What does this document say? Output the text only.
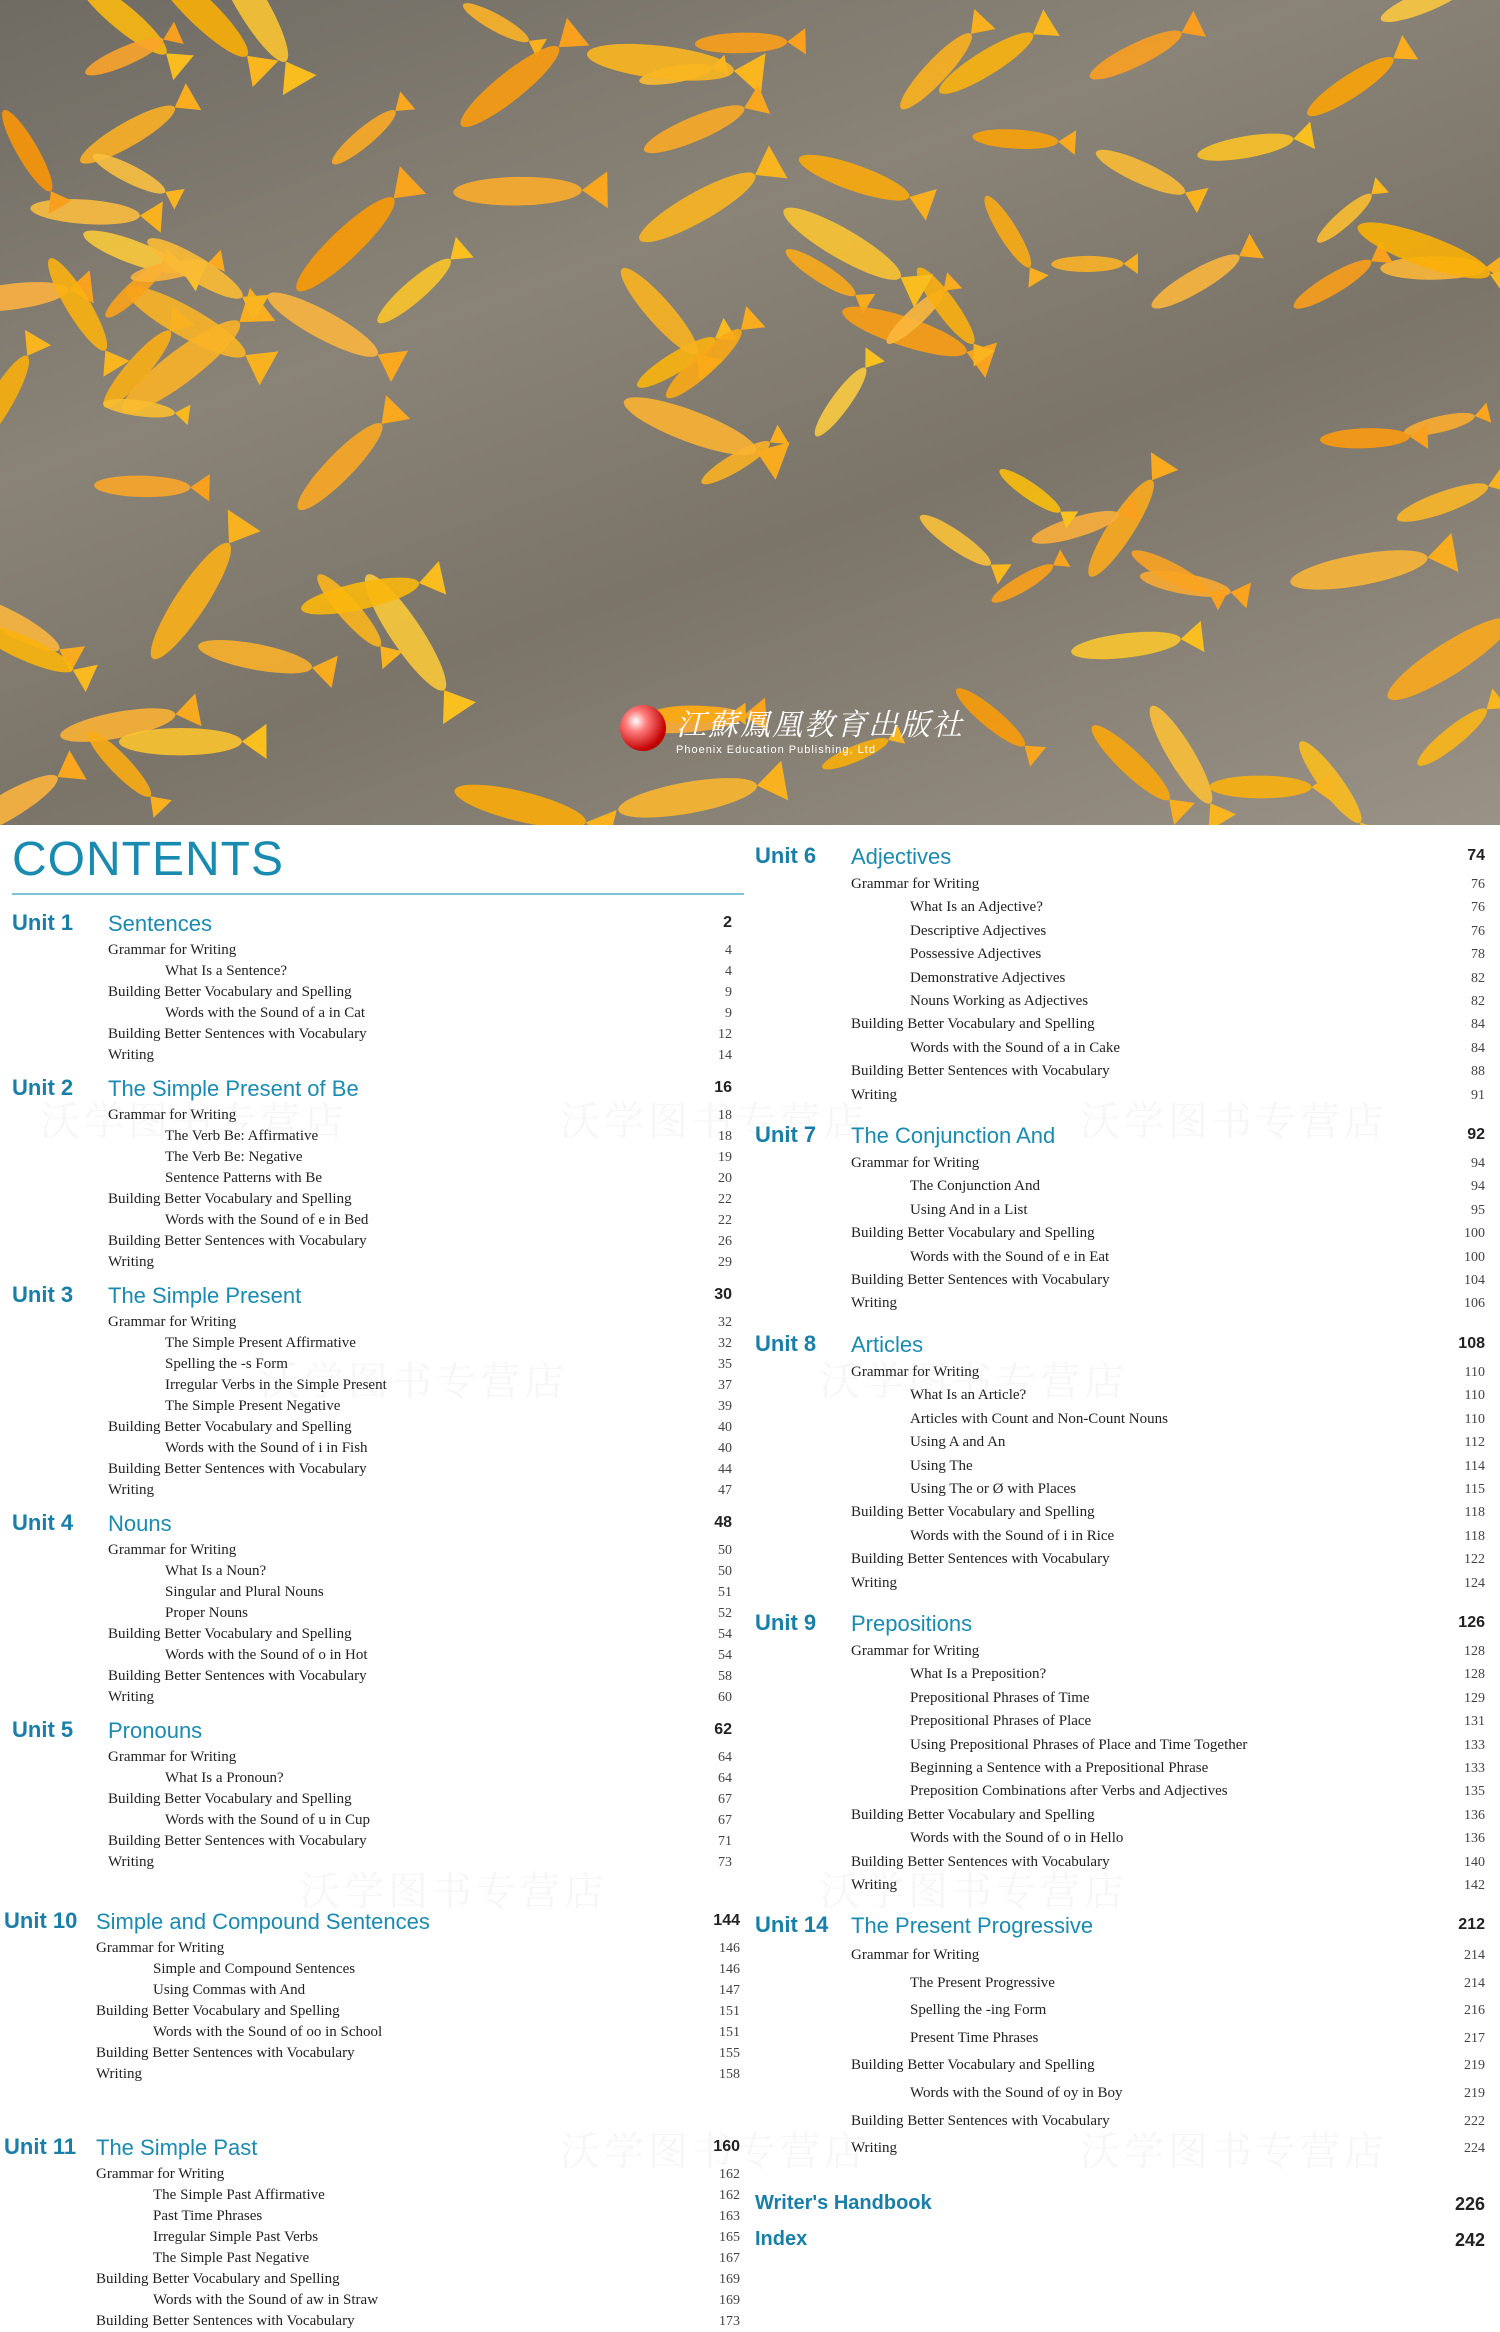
江蘇鳳凰教育出版社
Phoenix Education Publishing, Ltd
CONTENTS
Unit 1 Sentences	2
Grammar for Writing	4
What Is a Sentence?	4
Building Better Vocabulary and Spelling	9
Words with the Sound of a in Cat	9
Building Better Sentences with Vocabulary	12
Writing	14
Unit 2 The Simple Present of Be	16
Grammar for Writing	18
The Verb Be: Affirmative	18
The Verb Be: Negative	19
Sentence Patterns with Be	20
Building Better Vocabulary and Spelling	22
Words with the Sound of e in Bed	22
Building Better Sentences with Vocabulary	26
Writing	29
Unit 3 The Simple Present	30
Grammar for Writing	32
The Simple Present Affirmative	32
Spelling the -s Form	35
Irregular Verbs in the Simple Present	37
The Simple Present Negative	39
Building Better Vocabulary and Spelling	40
Words with the Sound of i in Fish	40
Building Better Sentences with Vocabulary	44
Writing	47
Unit 4 Nouns	48
Grammar for Writing	50
What Is a Noun?	50
Singular and Plural Nouns	51
Proper Nouns	52
Building Better Vocabulary and Spelling	54
Words with the Sound of o in Hot	54
Building Better Sentences with Vocabulary	58
Writing	60
Unit 5 Pronouns	62
Grammar for Writing	64
What Is a Pronoun?	64
Building Better Vocabulary and Spelling	67
Words with the Sound of u in Cup	67
Building Better Sentences with Vocabulary	71
Writing	73
Unit 10 Simple and Compound Sentences	144
Grammar for Writing	146
Simple and Compound Sentences	146
Using Commas with And	147
Building Better Vocabulary and Spelling	151
Words with the Sound of oo in School	151
Building Better Sentences with Vocabulary	155
Writing	158
Unit 11 The Simple Past	160
Grammar for Writing	162
The Simple Past Affirmative	162
Past Time Phrases	163
Irregular Simple Past Verbs	165
The Simple Past Negative	167
Building Better Vocabulary and Spelling	169
Words with the Sound of aw in Straw	169
Building Better Sentences with Vocabulary	173
Unit 6 Adjectives	74
Grammar for Writing	76
What Is an Adjective?	76
Descriptive Adjectives	76
Possessive Adjectives	78
Demonstrative Adjectives	82
Nouns Working as Adjectives	82
Building Better Vocabulary and Spelling	84
Words with the Sound of a in Cake	84
Building Better Sentences with Vocabulary	88
Writing	91
Unit 7 The Conjunction And	92
Grammar for Writing	94
The Conjunction And	94
Using And in a List	95
Building Better Vocabulary and Spelling	100
Words with the Sound of e in Eat	100
Building Better Sentences with Vocabulary	104
Writing	106
Unit 8 Articles	108
Grammar for Writing	110
What Is an Article?	110
Articles with Count and Non-Count Nouns	110
Using A and An	112
Using The	114
Using The or Ø with Places	115
Building Better Vocabulary and Spelling	118
Words with the Sound of i in Rice	118
Building Better Sentences with Vocabulary	122
Writing	124
Unit 9 Prepositions	126
Grammar for Writing	128
What Is a Preposition?	128
Prepositional Phrases of Time	129
Prepositional Phrases of Place	131
Using Prepositional Phrases of Place and Time Together	133
Beginning a Sentence with a Prepositional Phrase	133
Preposition Combinations after Verbs and Adjectives	135
Building Better Vocabulary and Spelling	136
Words with the Sound of o in Hello	136
Building Better Sentences with Vocabulary	140
Writing	142
Unit 14 The Present Progressive	212
Grammar for Writing	214
The Present Progressive	214
Spelling the -ing Form	216
Present Time Phrases	217
Building Better Vocabulary and Spelling	219
Words with the Sound of oy in Boy	219
Building Better Sentences with Vocabulary	222
Writing	224
Writer's Handbook	226
Index	242
